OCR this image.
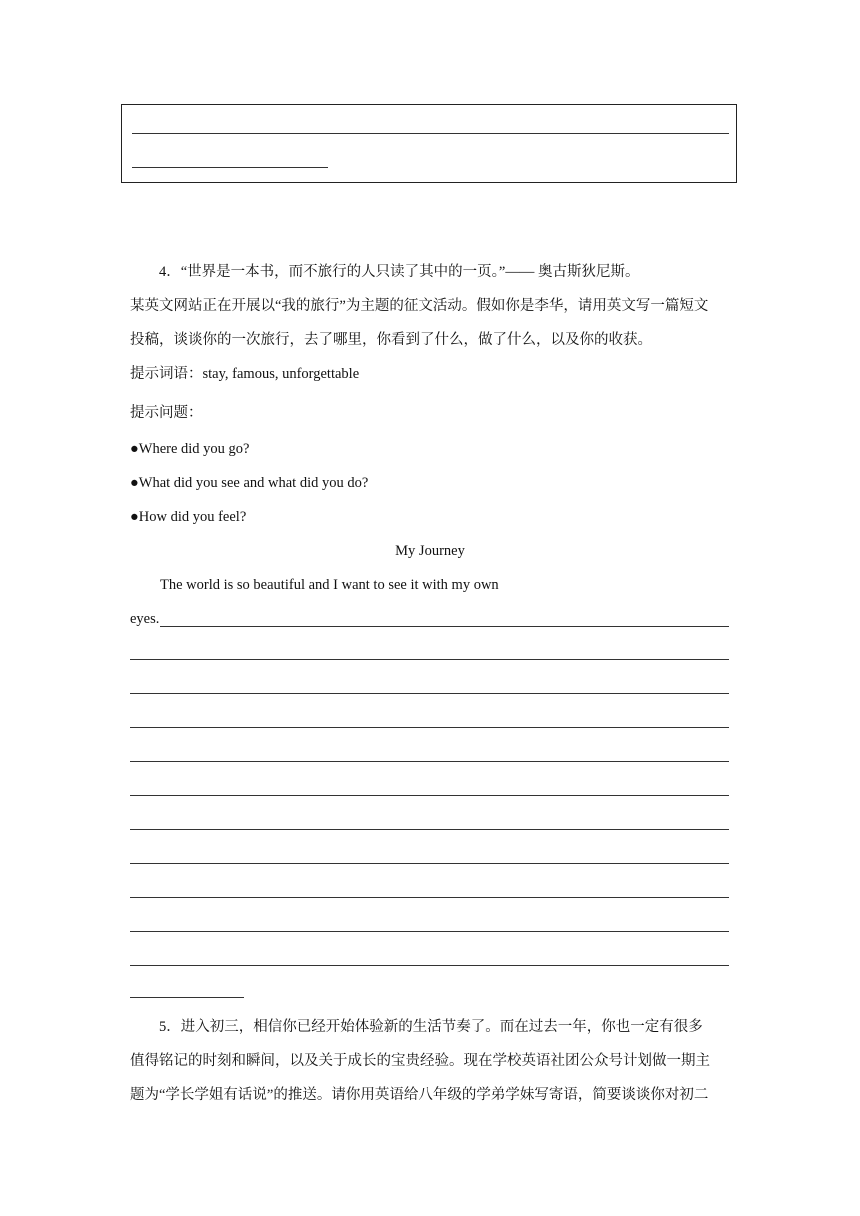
4．“世界是一本书，而不旅行的人只读了其中的一页。”—— 奥古斯狄尼斯。
某英文网站正在开展以“我的旅行”为主题的征文活动。假如你是李华，请用英文写一篇短文
投稿，谈谈你的一次旅行，去了哪里，你看到了什么，做了什么，以及你的收获。
提示词语：stay, famous, unforgettable
提示问题：
●Where did you go?
●What did you see and what did you do?
●How did you feel?
My Journey
The world is so beautiful and I want to see it with my own
eyes.
5．进入初三，相信你已经开始体验新的生活节奏了。而在过去一年，你也一定有很多
值得铭记的时刻和瞬间，以及关于成长的宝贵经验。现在学校英语社团公众号计划做一期主
题为“学长学姐有话说”的推送。请你用英语给八年级的学弟学妹写寄语，简要谈谈你对初二
